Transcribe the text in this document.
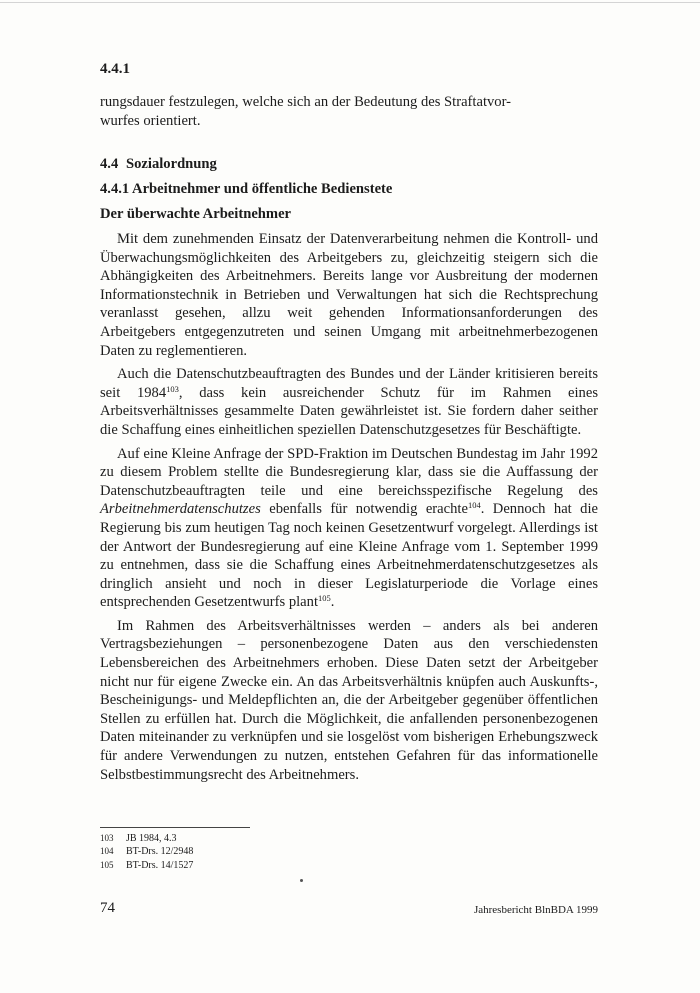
4.4.1

rungsdauer festzulegen, welche sich an der Bedeutung des Straftatvor-
wurfes orientiert.

4.4 Sozialordnung

4.4.1 Arbeitnehmer und öffentliche Bedienstete

Der überwachte Arbeitnehmer

Mit dem zunehmenden Einsatz der Datenverarbeitung nehmen die Kontroll- und Überwachungsmöglichkeiten des Arbeitgebers zu, gleichzeitig steigern sich die Abhängigkeiten des Arbeitnehmers. Bereits lange vor Ausbreitung der modernen Informationstechnik in Betrieben und Verwaltungen hat sich die Rechtsprechung veranlasst gesehen, allzu weit gehenden Informationsanforderungen des Arbeitgebers entgegenzutreten und seinen Umgang mit arbeitnehmerbezogenen Daten zu reglementieren.

Auch die Datenschutzbeauftragten des Bundes und der Länder kritisieren bereits seit 1984$^{103}$, dass kein ausreichender Schutz für im Rahmen eines Arbeitsverhältnisses gesammelte Daten gewährleistet ist. Sie fordern daher seither die Schaffung eines einheitlichen speziellen Datenschutzgesetzes für Beschäftigte.

Auf eine Kleine Anfrage der SPD-Fraktion im Deutschen Bundestag im Jahr 1992 zu diesem Problem stellte die Bundesregierung klar, dass sie die Auffassung der Datenschutzbeauftragten teile und eine bereichsspezifische Regelung des Arbeitnehmerdatenschutzes ebenfalls für notwendig erachte$^{104}$. Dennoch hat die Regierung bis zum heutigen Tag noch keinen Gesetzentwurf vorgelegt. Allerdings ist der Antwort der Bundesregierung auf eine Kleine Anfrage vom 1. September 1999 zu entnehmen, dass sie die Schaffung eines Arbeitnehmerdatenschutzgesetzes als dringlich ansieht und noch in dieser Legislaturperiode die Vorlage eines entsprechenden Gesetzentwurfs plant$^{105}$.

Im Rahmen des Arbeitsverhältnisses werden – anders als bei anderen Vertragsbeziehungen – personenbezogene Daten aus den verschiedensten Lebensbereichen des Arbeitnehmers erhoben. Diese Daten setzt der Arbeitgeber nicht nur für eigene Zwecke ein. An das Arbeitsverhältnis knüpfen auch Auskunfts-, Bescheinigungs- und Meldepflichten an, die der Arbeitgeber gegenüber öffentlichen Stellen zu erfüllen hat. Durch die Möglichkeit, die anfallenden personenbezogenen Daten miteinander zu verknüpfen und sie losgelöst vom bisherigen Erhebungszweck für andere Verwendungen zu nutzen, entstehen Gefahren für das informationelle Selbstbestimmungsrecht des Arbeitnehmers.

103 JB 1984, 4.3
104 BT-Drs. 12/2948
105 BT-Drs. 14/1527

74	Jahresbericht BlnBDA 1999
